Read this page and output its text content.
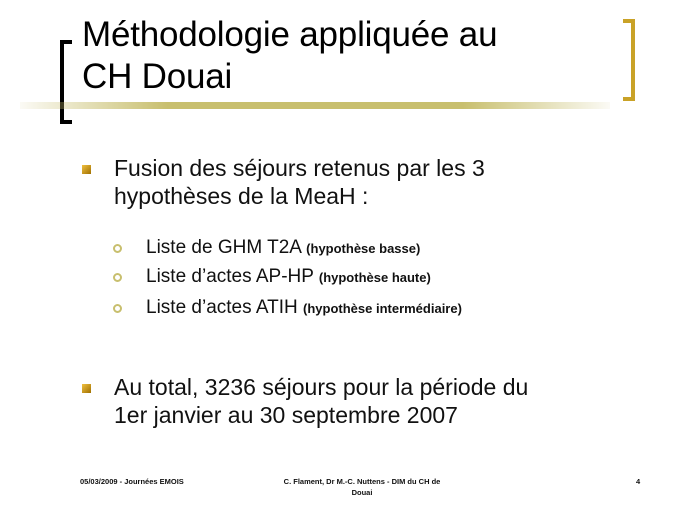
Méthodologie appliquée au
CH Douai
Fusion des séjours retenus par les 3
hypothèses de la MeaH :
Liste de GHM T2A (hypothèse basse)
Liste d’actes AP-HP (hypothèse haute)
Liste d’actes ATIH (hypothèse intermédiaire)
Au total, 3236 séjours pour la période du
1er janvier au 30 septembre 2007
05/03/2009 - Journées EMOIS	C. Flament, Dr M.-C. Nuttens - DIM du CH de
Douai
4
